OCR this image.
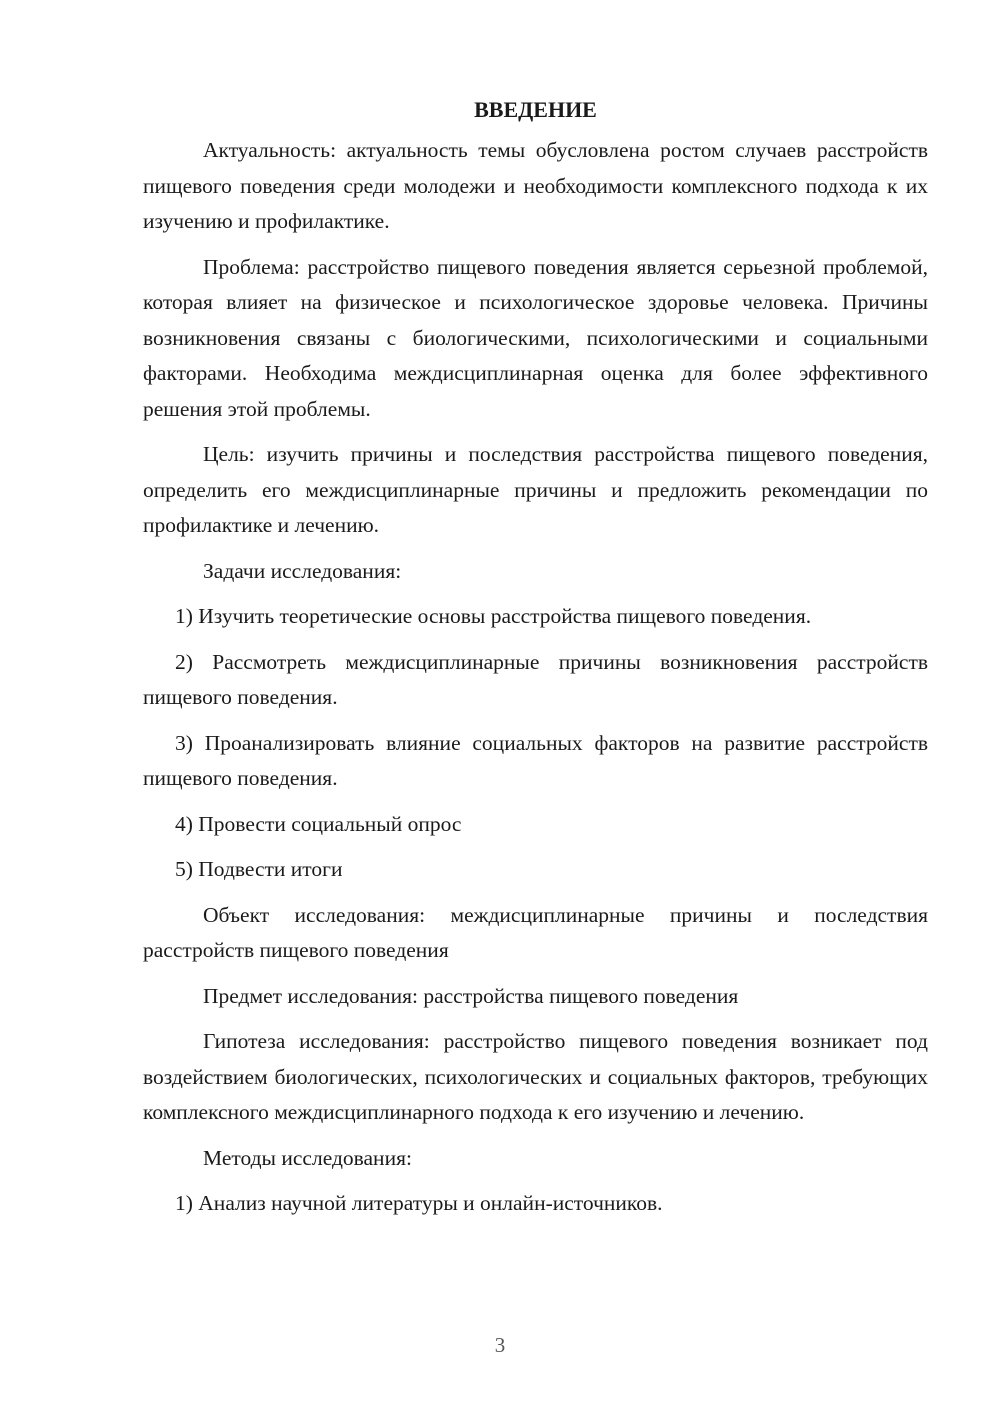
ВВЕДЕНИЕ

Актуальность: актуальность темы обусловлена ростом случаев расстройств пищевого поведения среди молодежи и необходимости комплексного подхода к их изучению и профилактике.

Проблема: расстройство пищевого поведения является серьезной проблемой, которая влияет на физическое и психологическое здоровье человека. Причины возникновения связаны с биологическими, психологическими и социальными факторами. Необходима междисциплинарная оценка для более эффективного решения этой проблемы.

Цель: изучить причины и последствия расстройства пищевого поведения, определить его междисциплинарные причины и предложить рекомендации по профилактике и лечению.

Задачи исследования:

1) Изучить теоретические основы расстройства пищевого поведения.

2) Рассмотреть междисциплинарные причины возникновения расстройств пищевого поведения.

3) Проанализировать влияние социальных факторов на развитие расстройств пищевого поведения.

4) Провести социальный опрос

5) Подвести итоги

Объект исследования: междисциплинарные причины и последствия расстройств пищевого поведения

Предмет исследования: расстройства пищевого поведения

Гипотеза исследования: расстройство пищевого поведения возникает под воздействием биологических, психологических и социальных факторов, требующих комплексного междисциплинарного подхода к его изучению и лечению.

Методы исследования:

1) Анализ научной литературы и онлайн-источников.

3
